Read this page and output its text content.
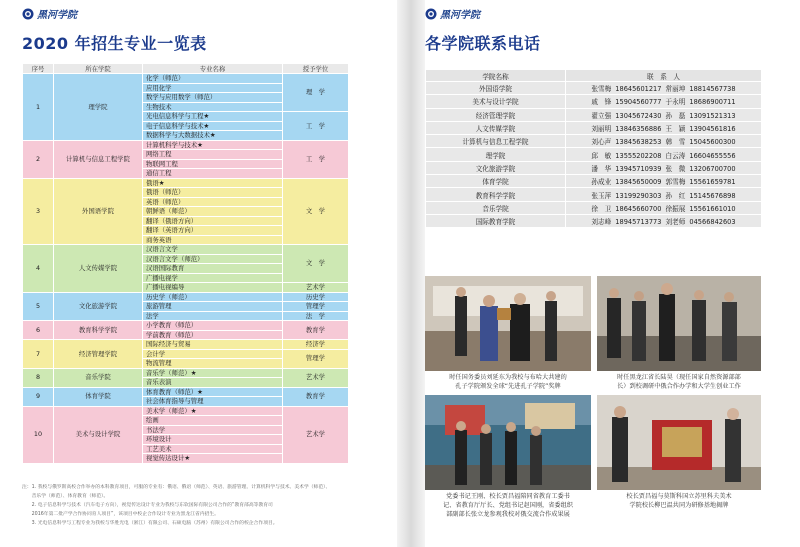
黑河学院
2020 年招生专业一览表
序号	所在学院	专业名称	授予学位
1	理学院	化学（师范）	理　学
		应用化学	
		数学与应用数学（师范）	
		生物技术	
		光电信息科学与工程★	工　学
		电子信息科学与技术★	
		数据科学与大数据技术★	
2	计算机与信息工程学院	计算机科学与技术★	工　学
		网络工程	
		物联网工程	
		通信工程	
3	外国语学院	俄语★	文　学
		俄语（师范）	
		英语（师范）	
		朝鲜语（师范）	
		翻译（俄语方向）	
		翻译（英语方向）	
		商务英语	
4	人文传媒学院	汉语言文学	文　学
		汉语言文学（师范）	
		汉语国际教育	
		广播电视学	
		广播电视编导	艺术学
5	文化旅游学院	历史学（师范）	历史学
		旅游管理	管理学
		法学	法　学
6	教育科学学院	小学教育（师范）	教育学
		学前教育（师范）	
7	经济管理学院	国际经济与贸易	经济学
		会计学	管理学
		物流管理	
8	音乐学院	音乐学（师范）★	艺术学
		音乐表演	
9	体育学院	体育教育（师范）★	教育学
		社会体育指导与管理	
10	美术与设计学院	美术学（师范）★	艺术学
		绘画	
		书法学	
		环境设计	
		工艺美术	
		视觉传达设计★	

注：1. 我校与俄罗斯高校合作举办的本科教育项目，可服的专业有：俄语、俄语（师范）、英语、旅游管理、计算机科学与技术、美术学（师范）、

　　音乐学（师范）、体育教育（师范）。

　　2. 电子信息科学与技术（汽车电子方向），视觉传达设计专业为我校与东软国际有限公司合作的“教育部高等教育司

　　2016年第二批产学合作协同育人项目”，该项目中校企合作设计专业为黑龙江省内招生。

　　3. 光电信息科学与工程专业为我校与华胜光电（浙江）有限公司、石硕电脑（苏州）有限公司合作的校企合作项目。

黑河学院
各学院联系电话
学院名称	联　系　人
外国语学院	张雪梅 18645601217 常丽坤 18814567738
美术与设计学院	戚　锋 15904560777 于永明 18686900711
经济管理学院	翟立强 13045672430 孙　磊 13091521313
人文传媒学院	刘丽明 13846356886 王　颖 13904561816
计算机与信息工程学院	刘心声 13845638253 韩　雪 15045600300
理学院	邱　敏 13555202208 白云涛 16604655556
文化旅游学院	潘　华 13945710939 张　微 13206700700
体育学院	孙成业 13845650009 郭雪梅 15561659781
教育科学学院	张玉萍 13199290303 孙　红 15145676898
音乐学院	徐　卫 18645660700 徐振展 15561661010
国际教育学院	刘志峰 18945713773 刘老师 04566842603
时任国务委员刘延东为我校与布哈大共建的
孔子学院颁发全球“先进孔子学院”奖牌
时任黑龙江省长陆昊（现任国家自然资源部部
长）到校调研中俄合作办学和大学生创业工作
党委书记王刚、校长贾昌福陪同省教育工委书
记、省教育厅厅长、党组书记赵国刚，省委组织
部副部长张立龙参观我校对俄交流合作成果展
校长贾昌福与莫斯科国立苏里科夫美术
学院校长柳巴温共同为研修基地揭牌
